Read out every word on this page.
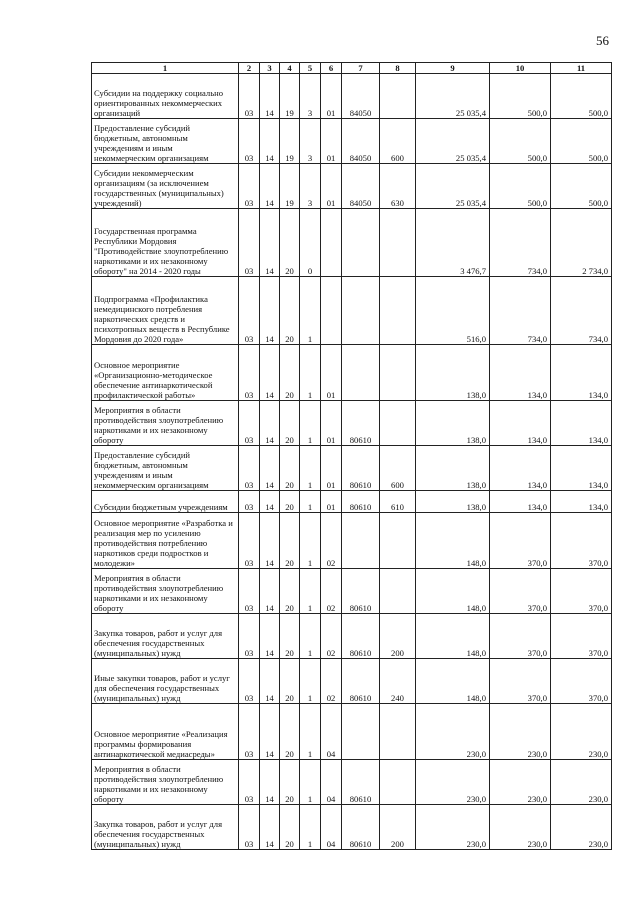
56
1	2	3	4	5	6	7	8	9	10	11
Субсидии на поддержку социально ориентированных некоммерческих организаций	03	14	19	3	01	84050		25 035,4	500,0	500,0
Предоставление субсидий бюджетным, автономным учреждениям и иным некоммерческим организациям	03	14	19	3	01	84050	600	25 035,4	500,0	500,0
Субсидии некоммерческим организациям (за исключением государственных (муниципальных) учреждений)	03	14	19	3	01	84050	630	25 035,4	500,0	500,0
Государственная программа Республики Мордовия "Противодействие злоупотреблению наркотиками и их незаконному обороту" на 2014 - 2020 годы	03	14	20	0				3 476,7	734,0	2 734,0
Подпрограмма «Профилактика немедицинского потребления наркотических средств и психотропных веществ в Республике Мордовия до 2020 года»	03	14	20	1				516,0	734,0	734,0
Основное мероприятие «Организационно-методическое обеспечение антинаркотической профилактической работы»	03	14	20	1	01			138,0	134,0	134,0
Мероприятия в области противодействия злоупотреблению наркотиками и их незаконному обороту	03	14	20	1	01	80610		138,0	134,0	134,0
Предоставление субсидий бюджетным, автономным учреждениям и иным некоммерческим организациям	03	14	20	1	01	80610	600	138,0	134,0	134,0
Субсидии бюджетным учреждениям	03	14	20	1	01	80610	610	138,0	134,0	134,0
Основное мероприятие «Разработка и реализация мер по усилению противодействия потреблению наркотиков среди подростков и молодежи»	03	14	20	1	02			148,0	370,0	370,0
Мероприятия в области противодействия злоупотреблению наркотиками и их незаконному обороту	03	14	20	1	02	80610		148,0	370,0	370,0
Закупка товаров, работ и услуг для обеспечения государственных (муниципальных) нужд	03	14	20	1	02	80610	200	148,0	370,0	370,0
Иные закупки товаров, работ и услуг для обеспечения государственных (муниципальных) нужд	03	14	20	1	02	80610	240	148,0	370,0	370,0
Основное мероприятие «Реализация программы формирования антинаркотической медиасреды»	03	14	20	1	04			230,0	230,0	230,0
Мероприятия в области противодействия злоупотреблению наркотиками и их незаконному обороту	03	14	20	1	04	80610		230,0	230,0	230,0
Закупка товаров, работ и услуг для обеспечения государственных (муниципальных) нужд	03	14	20	1	04	80610	200	230,0	230,0	230,0
